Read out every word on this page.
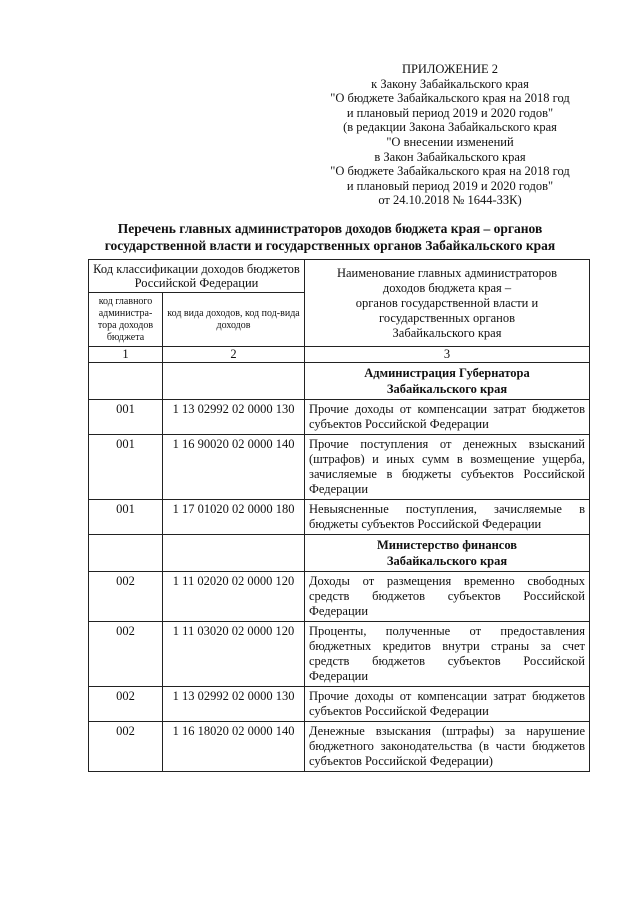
ПРИЛОЖЕНИЕ 2
к Закону Забайкальского края
"О бюджете Забайкальского края на 2018 год
и плановый период 2019 и 2020 годов"
(в редакции Закона Забайкальского края
"О внесении изменений
в Закон Забайкальского края
"О бюджете Забайкальского края на 2018 год
и плановый период 2019 и 2020 годов"
от 24.10.2018 № 1644-ЗЗК)
Перечень главных администраторов доходов бюджета края – органов
государственной власти и государственных органов Забайкальского края
Код классификации доходов бюджетов Российской Федерации		Наименование главных администраторов
доходов бюджета края –
органов государственной власти и
государственных органов
Забайкальского края

код главного администра-тора доходов бюджета	код вида доходов, код под-вида доходов	
1	2	3

		Администрация Губернатора
Забайкальского края

001	1 13 02992 02 0000 130	Прочие доходы от компенсации затрат бюджетов субъектов Российской Федерации
001	1 16 90020 02 0000 140	Прочие поступления от денежных взысканий (штрафов) и иных сумм в возмещение ущерба, зачисляемые в бюджеты субъектов Российской Федерации
001	1 17 01020 02 0000 180	Невыясненные поступления, зачисляемые в бюджеты субъектов Российской Федерации

		Министерство финансов
Забайкальского края

002	1 11 02020 02 0000 120	Доходы от размещения временно свободных средств бюджетов субъектов Российской Федерации
002	1 11 03020 02 0000 120	Проценты, полученные от предоставления бюджетных кредитов внутри страны за счет средств бюджетов субъектов Российской Федерации
002	1 13 02992 02 0000 130	Прочие доходы от компенсации затрат бюджетов субъектов Российской Федерации
002	1 16 18020 02 0000 140	Денежные взыскания (штрафы) за нарушение бюджетного законодательства (в части бюджетов субъектов Российской Федерации)
